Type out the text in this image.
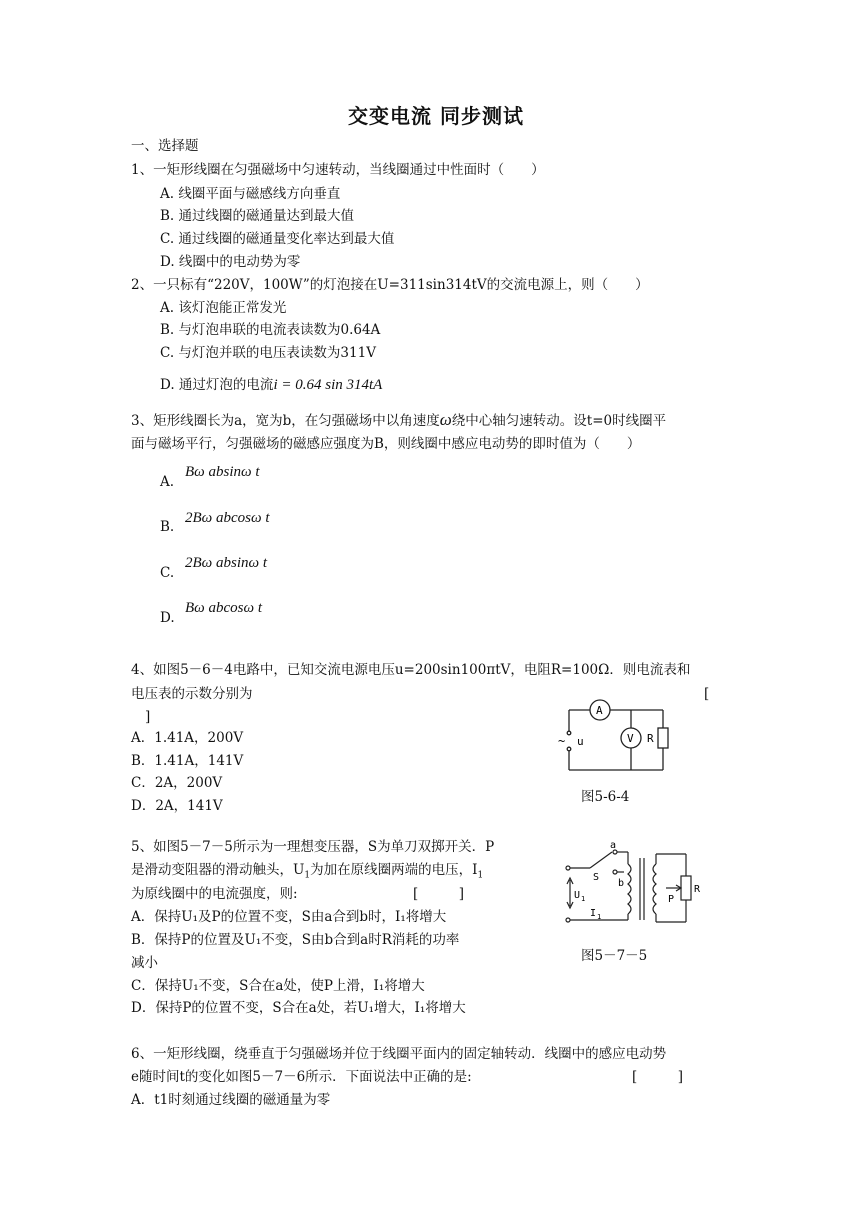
交变电流 同步测试
一、选择题
1、一矩形线圈在匀强磁场中匀速转动，当线圈通过中性面时（　　）
A. 线圈平面与磁感线方向垂直
B. 通过线圈的磁通量达到最大值
C. 通过线圈的磁通量变化率达到最大值
D. 线圈中的电动势为零
2、一只标有“220V，100W”的灯泡接在U=311sin314tV的交流电源上，则（　　）
A. 该灯泡能正常发光
B. 与灯泡串联的电流表读数为0.64A
C. 与灯泡并联的电压表读数为311V
D. 通过灯泡的电流i = 0.64 sin 314tA
3、矩形线圈长为a，宽为b，在匀强磁场中以角速度ω绕中心轴匀速转动。设t=0时线圈平
面与磁场平行，匀强磁场的磁感应强度为B，则线圈中感应电动势的即时值为（　　）
A.
Bω absinω t
B.
2Bω abcosω t
C.
2Bω absinω t
D.
Bω abcosω t
4、如图5－6－4电路中，已知交流电源电压u=200sin100πtV，电阻R=100Ω．则电流表和
电压表的示数分别为	[
]
A．1.41A，200V
B．1.41A，141V
C．2A，200V
D．2A，141V
A
V R
~ u
图5-6-4
5、如图5－7－5所示为一理想变压器，S为单刀双掷开关．P
是滑动变阻器的滑动触头，$U_1$为加在原线圈两端的电压，$I_1$
为原线圈中的电流强度，则:	[　　　]
A．保持U₁及P的位置不变，S由a合到b时，I₁将增大
B．保持P的位置及U₁不变，S由b合到a时R消耗的功率
减小
C．保持U₁不变，S合在a处，使P上滑，I₁将增大
D．保持P的位置不变，S合在a处，若U₁增大，I₁将增大
a
b
S
U 1
I 1
P
R
图5－7－5
6、一矩形线圈，绕垂直于匀强磁场并位于线圈平面内的固定轴转动．线圈中的感应电动势
e随时间t的变化如图5－7－6所示．下面说法中正确的是:	[　　　]
A．t1时刻通过线圈的磁通量为零
